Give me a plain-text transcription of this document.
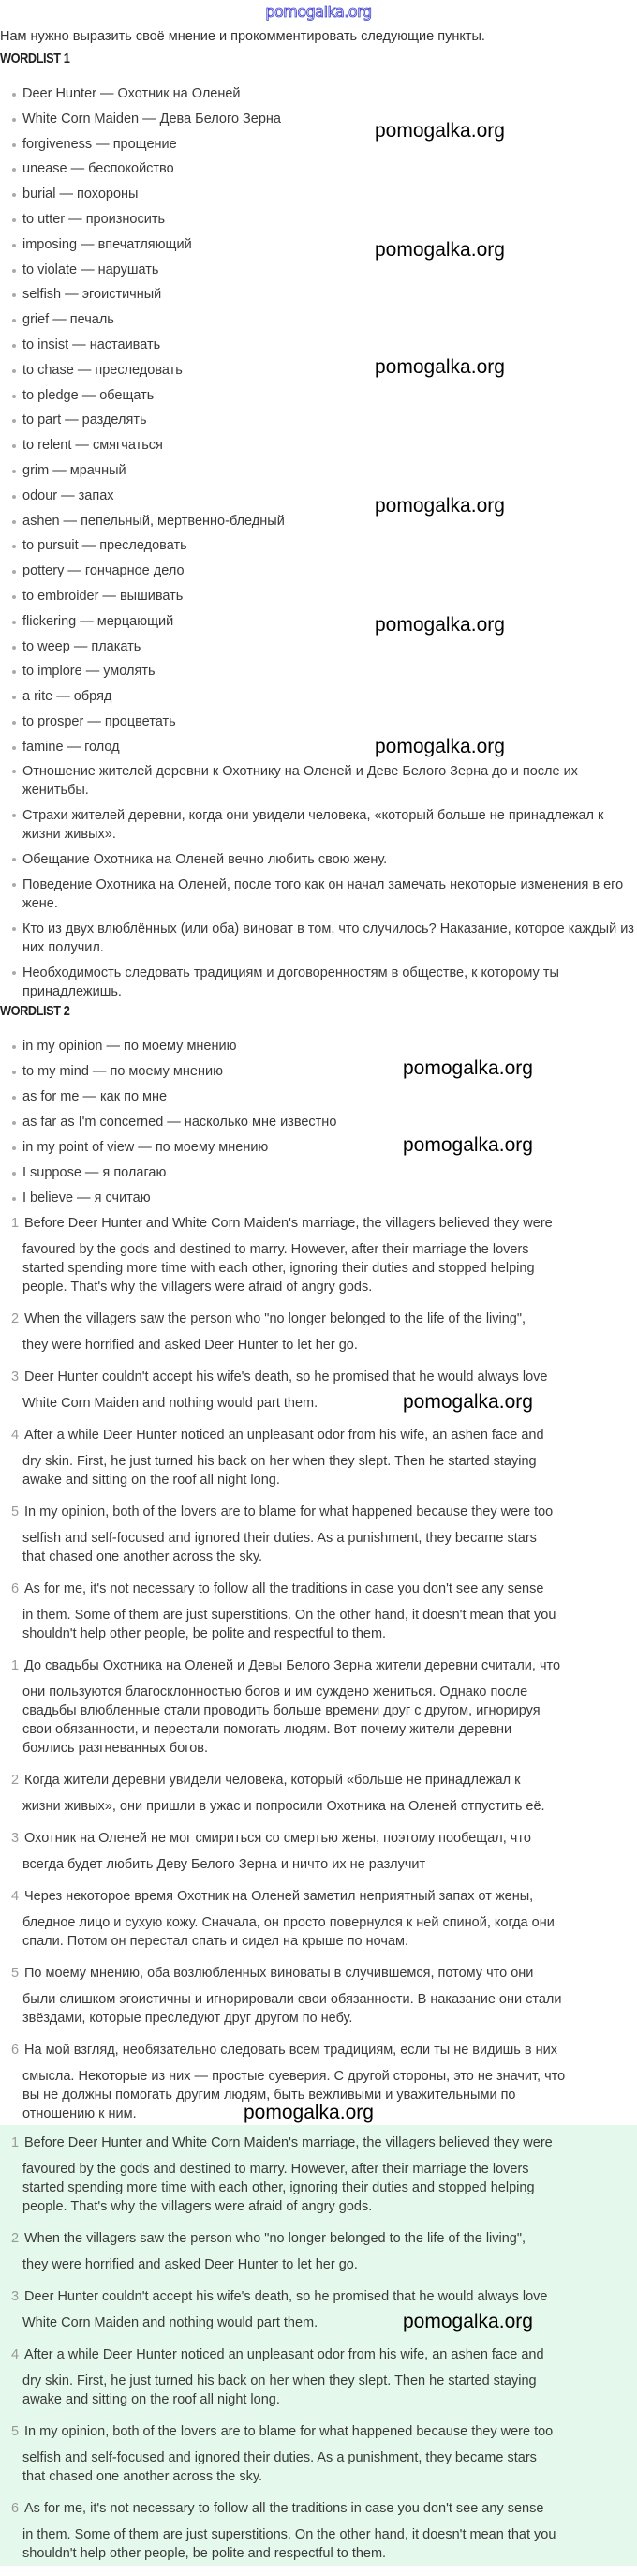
pomogalka.org
Нам нужно выразить своё мнение и прокомментировать следующие пункты.
WORDLIST 1
Deer Hunter — Охотник на Оленей
White Corn Maiden — Дева Белого Зерна
forgiveness — прощение
unease — беспокойство
burial — похороны
to utter — произносить
imposing — впечатляющий
to violate — нарушать
selfish — эгоистичный
grief — печаль
to insist — настаивать
to chase — преследовать
to pledge — обещать
to part — разделять
to relent — смягчаться
grim — мрачный
odour — запах
ashen — пепельный, мертвенно-бледный
to pursuit — преследовать
pottery — гончарное дело
to embroider — вышивать
flickering — мерцающий
to weep — плакать
to implore — умолять
a rite — обряд
to prosper — процветать
famine — голод
Отношение жителей деревни к Охотнику на Оленей и Деве Белого Зерна до и после их женитьбы.
Страхи жителей деревни, когда они увидели человека, «который больше не принадлежал к жизни живых».
Обещание Охотника на Оленей вечно любить свою жену.
Поведение Охотника на Оленей, после того как он начал замечать некоторые изменения в его жене.
Кто из двух влюблённых (или оба) виноват в том, что случилось? Наказание, которое каждый из них получил.
Необходимость следовать традициям и договоренностям в обществе, к которому ты принадлежишь.
WORDLIST 2
in my opinion — по моему мнению
to my mind — по моему мнению
as for me — как по мне
as far as I'm concerned — насколько мне известно
in my point of view — по моему мнению
I suppose — я полагаю
I believe — я считаю
1 Before Deer Hunter and White Corn Maiden's marriage, the villagers believed they were
favoured by the gods and destined to marry. However, after their marriage the lovers
started spending more time with each other, ignoring their duties and stopped helping
people. That's why the villagers were afraid of angry gods.
2 When the villagers saw the person who "no longer belonged to the life of the living",
they were horrified and asked Deer Hunter to let her go.
3 Deer Hunter couldn't accept his wife's death, so he promised that he would always love
White Corn Maiden and nothing would part them.
4 After a while Deer Hunter noticed an unpleasant odor from his wife, an ashen face and
dry skin. First, he just turned his back on her when they slept. Then he started staying
awake and sitting on the roof all night long.
5 In my opinion, both of the lovers are to blame for what happened because they were too
selfish and self-focused and ignored their duties. As a punishment, they became stars
that chased one another across the sky.
6 As for me, it's not necessary to follow all the traditions in case you don't see any sense
in them. Some of them are just superstitions. On the other hand, it doesn't mean that you
shouldn't help other people, be polite and respectful to them.
1 До свадьбы Охотника на Оленей и Девы Белого Зерна жители деревни считали, что
они пользуются благосклонностью богов и им суждено жениться. Однако после
свадьбы влюбленные стали проводить больше времени друг с другом, игнорируя
свои обязанности, и перестали помогать людям. Вот почему жители деревни
боялись разгневанных богов.
2 Когда жители деревни увидели человека, который «больше не принадлежал к
жизни живых», они пришли в ужас и попросили Охотника на Оленей отпустить её.
3 Охотник на Оленей не мог смириться со смертью жены, поэтому пообещал, что
всегда будет любить Деву Белого Зерна и ничто их не разлучит
4 Через некоторое время Охотник на Оленей заметил неприятный запах от жены,
бледное лицо и сухую кожу. Сначала, он просто повернулся к ней спиной, когда они
спали. Потом он перестал спать и сидел на крыше по ночам.
5 По моему мнению, оба возлюбленных виноваты в случившемся, потому что они
были слишком эгоистичны и игнорировали свои обязанности. В наказание они стали
звёздами, которые преследуют друг другом по небу.
6 На мой взгляд, необязательно следовать всем традициям, если ты не видишь в них
смысла. Некоторые из них — простые суеверия. С другой стороны, это не значит, что
вы не должны помогать другим людям, быть вежливыми и уважительными по
отношению к ним.
1 Before Deer Hunter and White Corn Maiden's marriage, the villagers believed they were
favoured by the gods and destined to marry. However, after their marriage the lovers
started spending more time with each other, ignoring their duties and stopped helping
people. That's why the villagers were afraid of angry gods.
2 When the villagers saw the person who "no longer belonged to the life of the living",
they were horrified and asked Deer Hunter to let her go.
3 Deer Hunter couldn't accept his wife's death, so he promised that he would always love
White Corn Maiden and nothing would part them.
4 After a while Deer Hunter noticed an unpleasant odor from his wife, an ashen face and
dry skin. First, he just turned his back on her when they slept. Then he started staying
awake and sitting on the roof all night long.
5 In my opinion, both of the lovers are to blame for what happened because they were too
selfish and self-focused and ignored their duties. As a punishment, they became stars
that chased one another across the sky.
6 As for me, it's not necessary to follow all the traditions in case you don't see any sense
in them. Some of them are just superstitions. On the other hand, it doesn't mean that you
shouldn't help other people, be polite and respectful to them.
pomogalka.org
pomogalka.org
pomogalka.org
pomogalka.org
pomogalka.org
pomogalka.org
pomogalka.org
pomogalka.org
pomogalka.org
pomogalka.org
pomogalka.org
